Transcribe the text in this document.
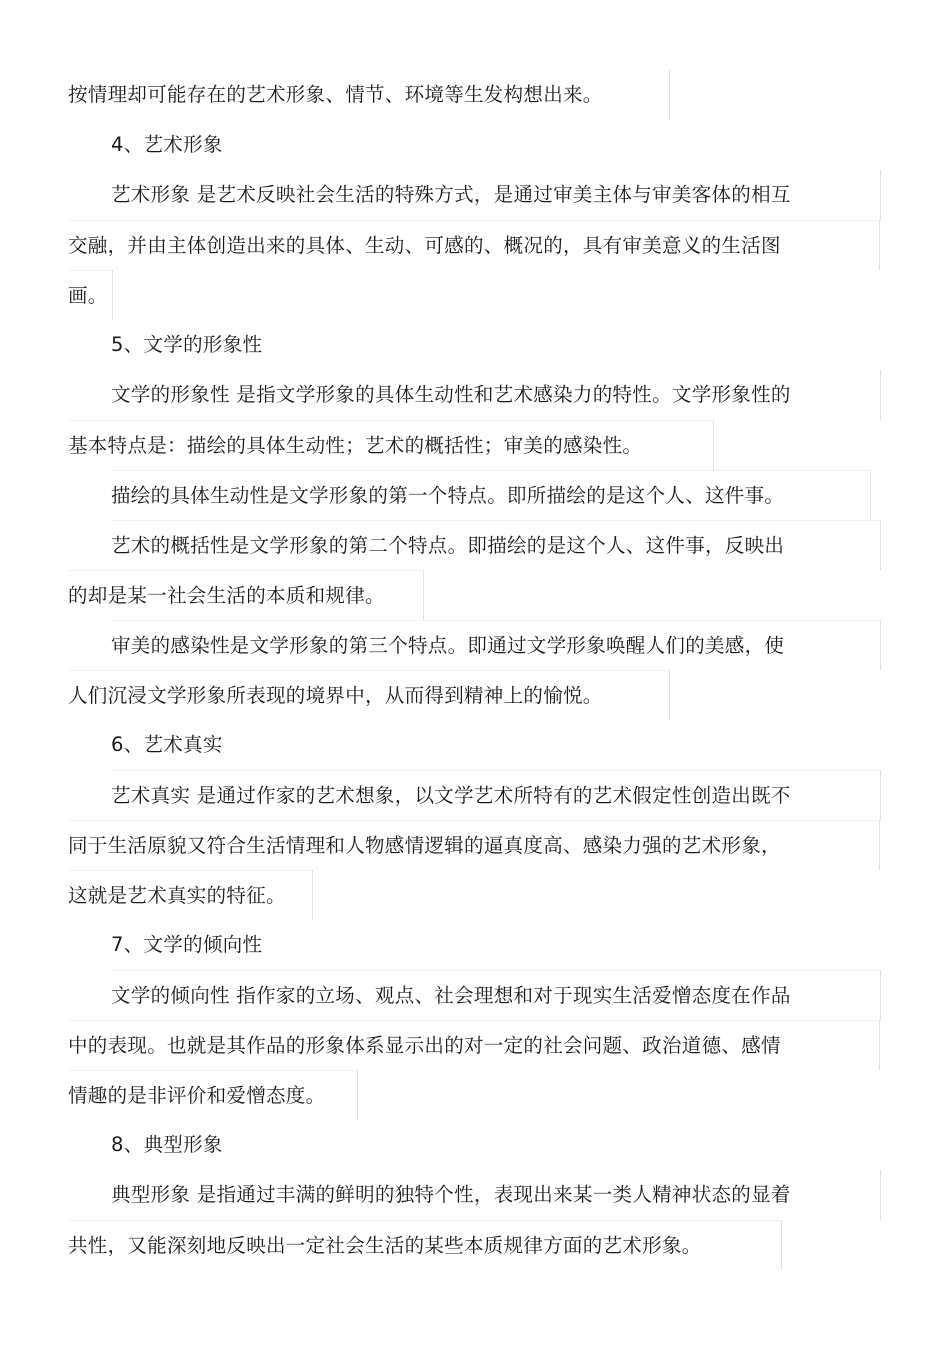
按情理却可能存在的艺术形象、情节、环境等生发构想出来。
4、艺术形象
艺术形象 是艺术反映社会生活的特殊方式，是通过审美主体与审美客体的相互
交融，并由主体创造出来的具体、生动、可感的、概况的，具有审美意义的生活图
画。
5、文学的形象性
文学的形象性 是指文学形象的具体生动性和艺术感染力的特性。文学形象性的
基本特点是：描绘的具体生动性；艺术的概括性；审美的感染性。
描绘的具体生动性是文学形象的第一个特点。即所描绘的是这个人、这件事。
艺术的概括性是文学形象的第二个特点。即描绘的是这个人、这件事，反映出
的却是某一社会生活的本质和规律。
审美的感染性是文学形象的第三个特点。即通过文学形象唤醒人们的美感，使
人们沉浸文学形象所表现的境界中，从而得到精神上的愉悦。
6、艺术真实
艺术真实 是通过作家的艺术想象，以文学艺术所特有的艺术假定性创造出既不
同于生活原貌又符合生活情理和人物感情逻辑的逼真度高、感染力强的艺术形象，
这就是艺术真实的特征。
7、文学的倾向性
文学的倾向性 指作家的立场、观点、社会理想和对于现实生活爱憎态度在作品
中的表现。也就是其作品的形象体系显示出的对一定的社会问题、政治道德、感情
情趣的是非评价和爱憎态度。
8、典型形象
典型形象 是指通过丰满的鲜明的独特个性，表现出来某一类人精神状态的显着
共性，又能深刻地反映出一定社会生活的某些本质规律方面的艺术形象。
